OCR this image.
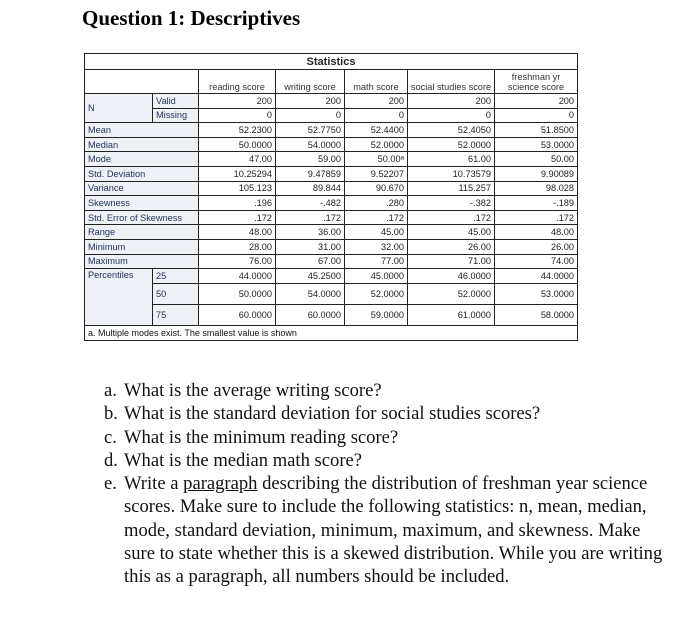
Question 1: Descriptives
Statistics						
		reading score	writing score	math score	social studies score	freshman yr science score
N	Valid	200	200	200	200	200
	Missing	0	0	0	0	0
Mean		52.2300	52.7750	52.4400	52.4050	51.8500
Median		50.0000	54.0000	52.0000	52.0000	53.0000
Mode		47.00	59.00	50.00ᵃ	61.00	50.00
Std. Deviation		10.25294	9.47859	9.52207	10.73579	9.90089
Variance		105.123	89.844	90.670	115.257	98.028
Skewness		.196	-.482	.280	-.382	-.189
Std. Error of Skewness		.172	.172	.172	.172	.172
Range		48.00	36.00	45.00	45.00	48.00
Minimum		28.00	31.00	32.00	26.00	26.00
Maximum		76.00	67.00	77.00	71.00	74.00
Percentiles	25	44.0000	45.2500	45.0000	46.0000	44.0000
	50	50.0000	54.0000	52.0000	52.0000	53.0000
	75	60.0000	60.0000	59.0000	61.0000	58.0000
a. Multiple modes exist. The smallest value is shown						
a. What is the average writing score?
b. What is the standard deviation for social studies scores?
c. What is the minimum reading score?
d. What is the median math score?
e. Write a paragraph describing the distribution of freshman year science scores. Make sure to include the following statistics: n, mean, median, mode, standard deviation, minimum, maximum, and skewness. Make sure to state whether this is a skewed distribution. While you are writing this as a paragraph, all numbers should be included.
